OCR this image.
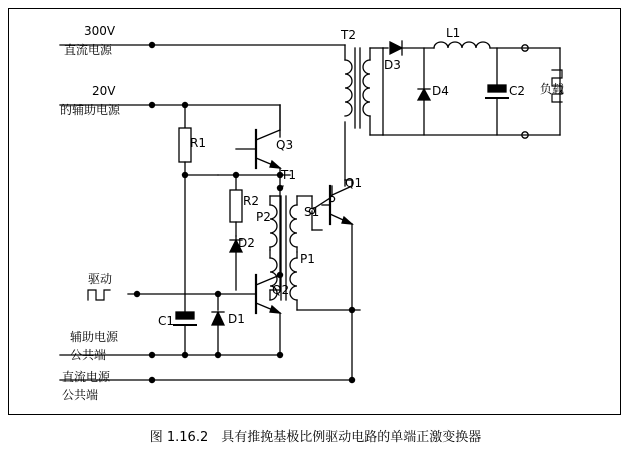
300V
直流电源
20V
的辅助电源
驱动
辅助电源
公共端
直流电源
公共端
负载
R1
R2
C1
C2
D1
D2
D3
D4
Q1
Q2
Q3
T1
T2	L1
S1
P1
P2
图 1.16.2　具有推挽基极比例驱动电路的单端正激变换器
